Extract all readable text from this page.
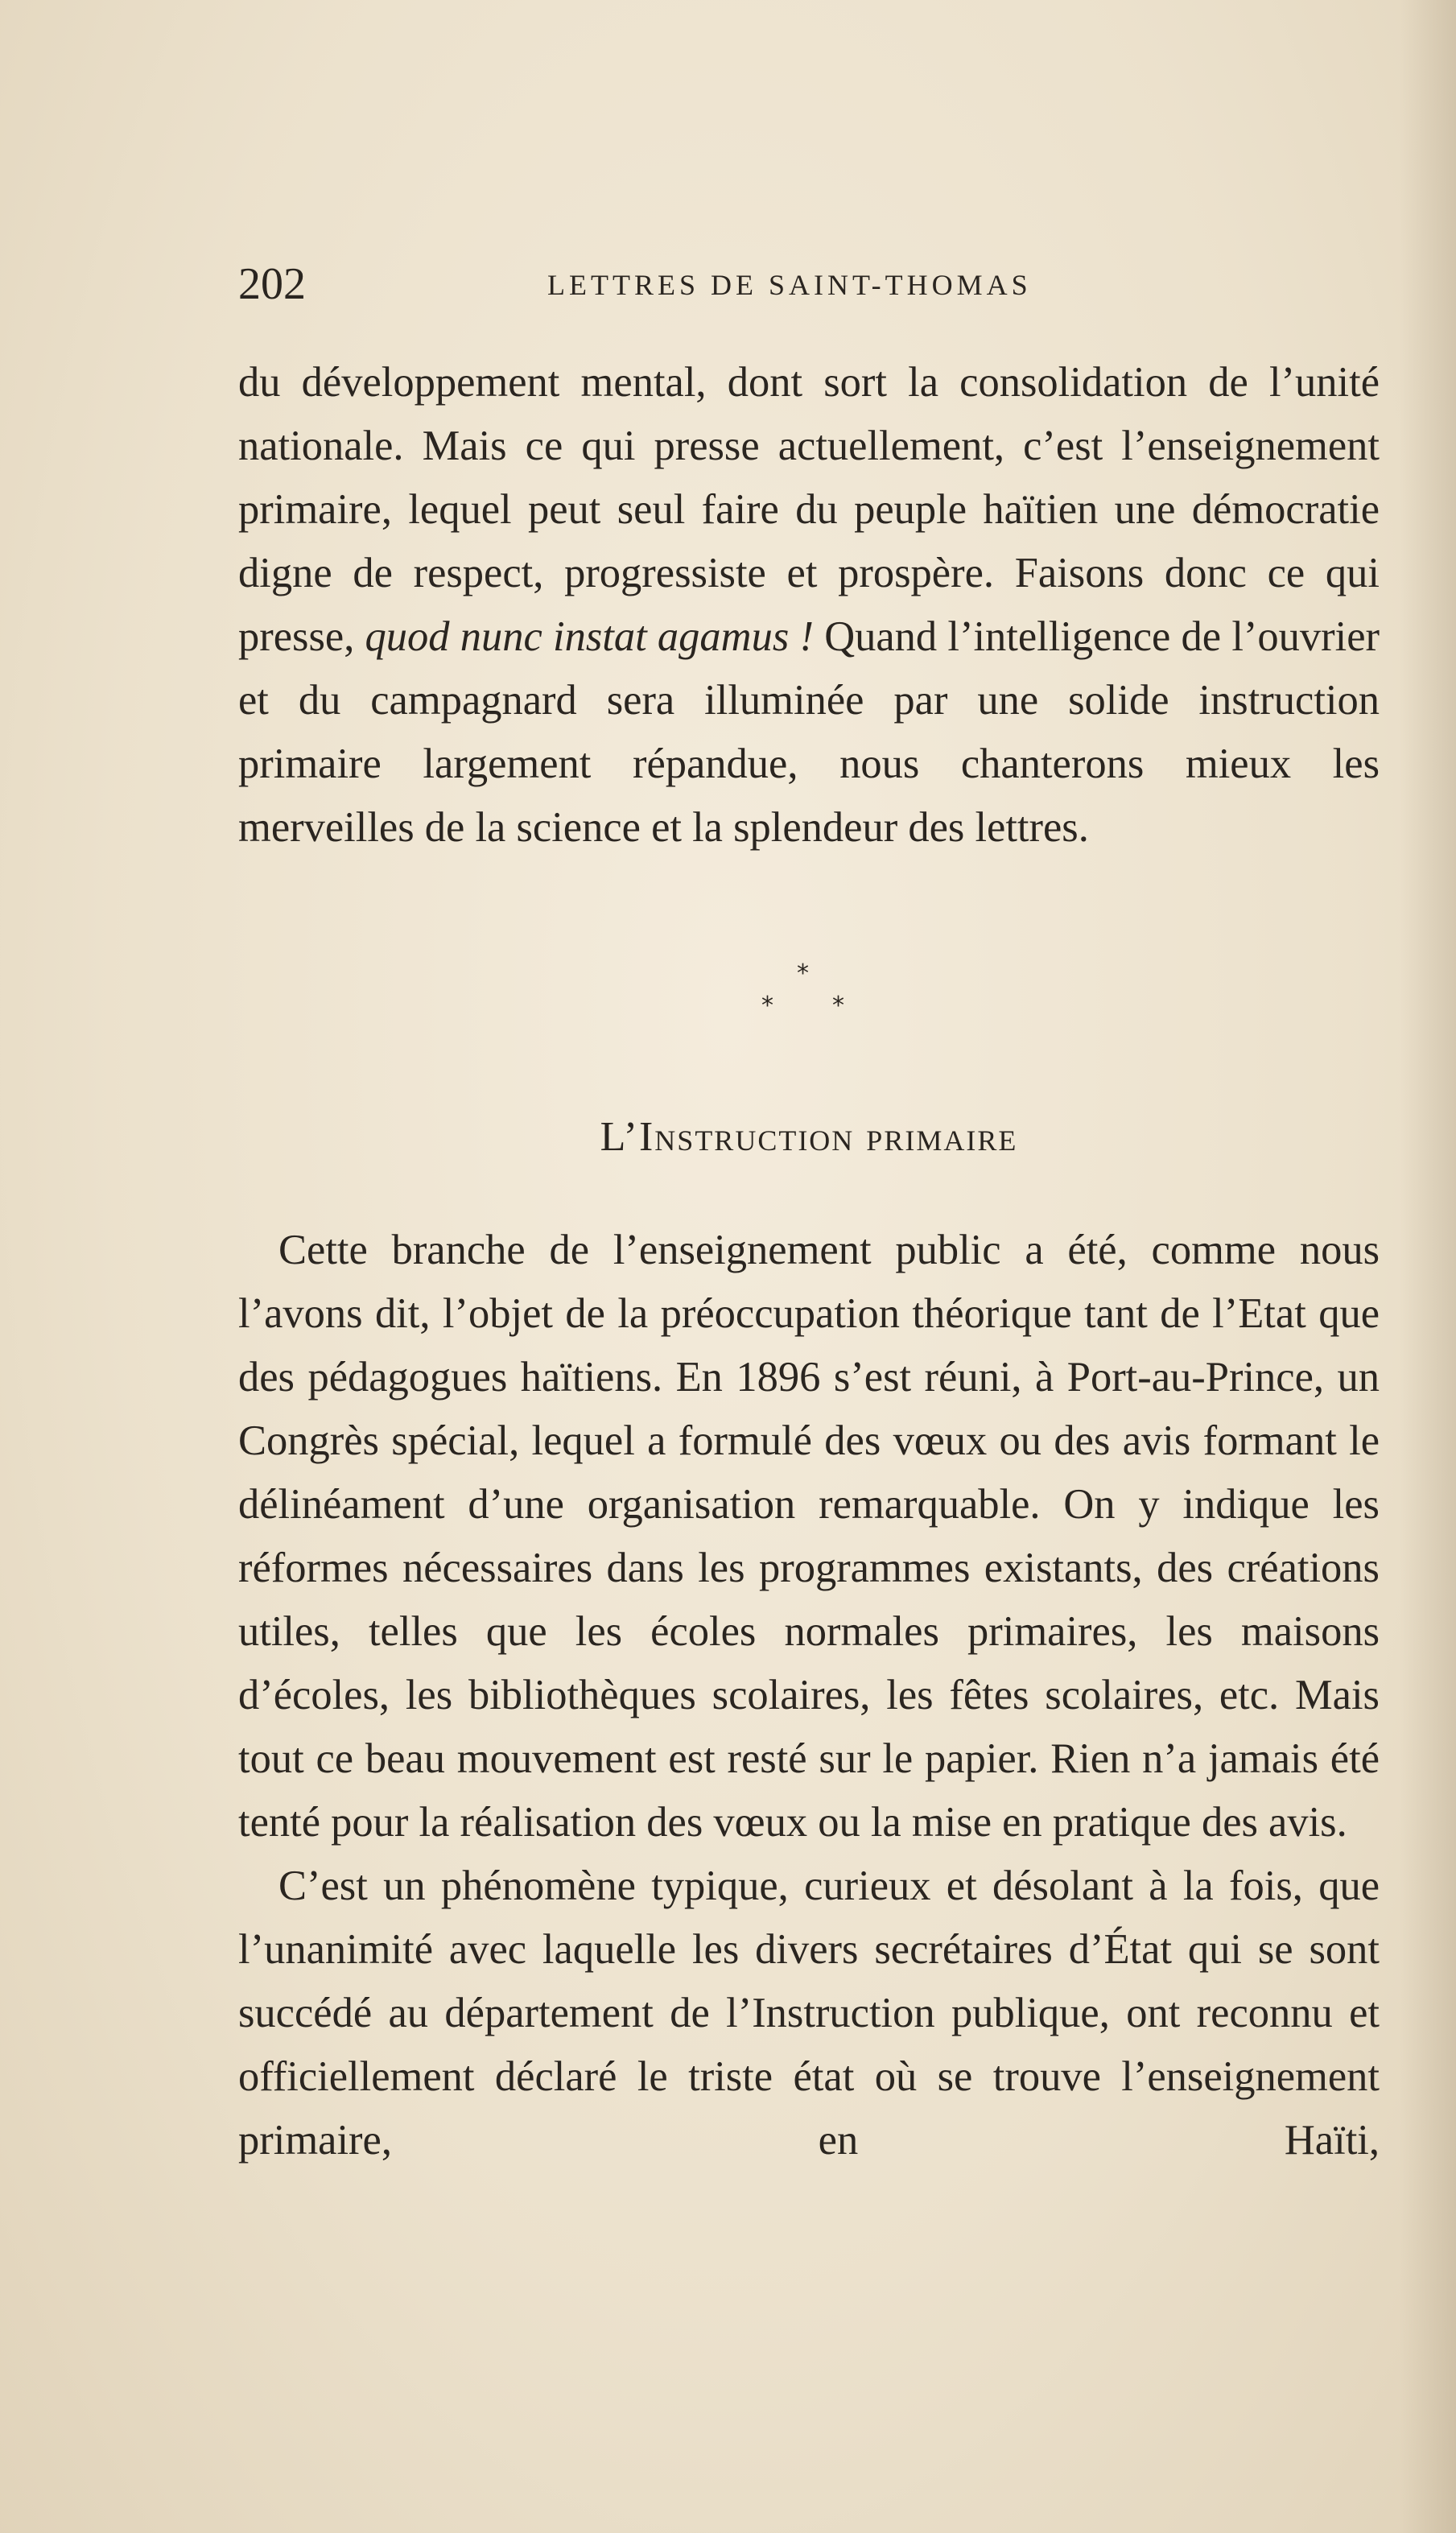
202	LETTRES DE SAINT-THOMAS

du développement mental, dont sort la consolidation de l’unité nationale. Mais ce qui presse actuellement, c’est l’enseignement primaire, lequel peut seul faire du peuple haïtien une démocratie digne de respect, progressiste et prospère. Faisons donc ce qui presse, quod nunc instat agamus ! Quand l’intelligence de l’ouvrier et du campagnard sera illuminée par une solide instruction primaire largement répandue, nous chanterons mieux les merveilles de la science et la splendeur des lettres.

*
* *
L’Instruction primaire

Cette branche de l’enseignement public a été, comme nous l’avons dit, l’objet de la préoccupation théorique tant de l’Etat que des pédagogues haïtiens. En 1896 s’est réuni, à Port-au-Prince, un Congrès spécial, lequel a formulé des vœux ou des avis formant le délinéament d’une organisation remarquable. On y indique les réformes nécessaires dans les programmes existants, des créations utiles, telles que les écoles normales primaires, les maisons d’écoles, les bibliothèques scolaires, les fêtes scolaires, etc. Mais tout ce beau mouvement est resté sur le papier. Rien n’a jamais été tenté pour la réalisation des vœux ou la mise en pratique des avis.

C’est un phénomène typique, curieux et désolant à la fois, que l’unanimité avec laquelle les divers secrétaires d’État qui se sont succédé au département de l’Instruction publique, ont reconnu et officiellement déclaré le triste état où se trouve l’enseignement primaire, en Haïti,
